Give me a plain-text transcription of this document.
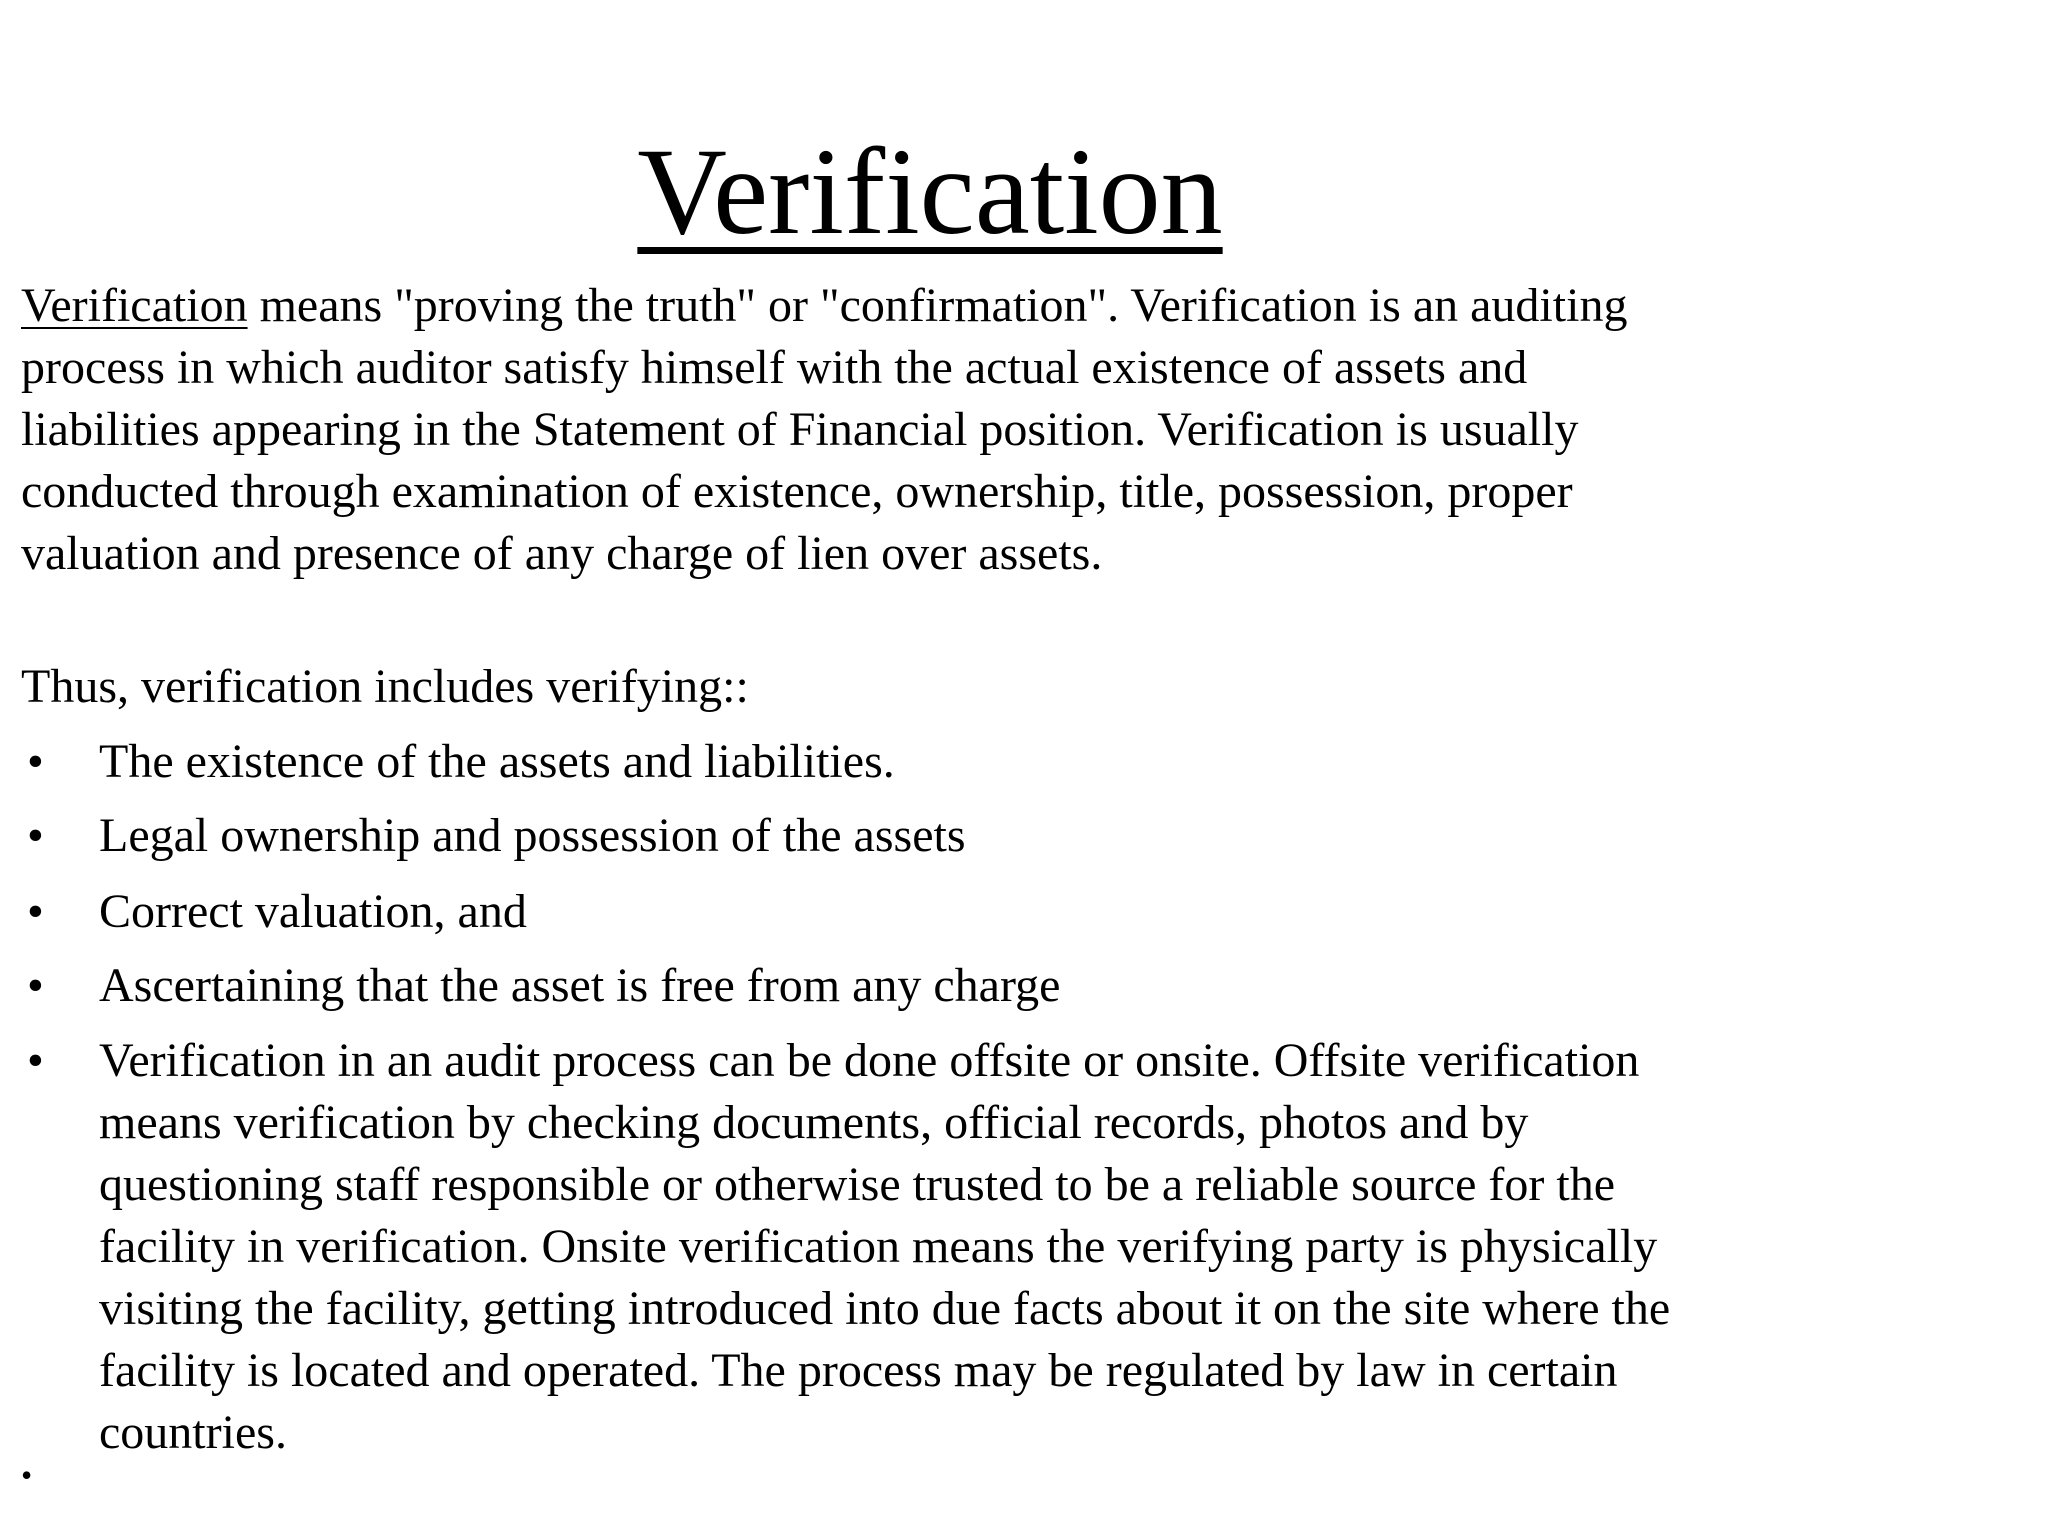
Verification
Verification means "proving the truth" or "confirmation". Verification is an auditing
process in which auditor satisfy himself with the actual existence of assets and
liabilities appearing in the Statement of Financial position. Verification is usually
conducted through examination of existence, ownership, title, possession, proper
valuation and presence of any charge of lien over assets.
Thus, verification includes verifying::
• The existence of the assets and liabilities.
• Legal ownership and possession of the assets
• Correct valuation, and
• Ascertaining that the asset is free from any charge
• Verification in an audit process can be done offsite or onsite. Offsite verification
means verification by checking documents, official records, photos and by
questioning staff responsible or otherwise trusted to be a reliable source for the
facility in verification. Onsite verification means the verifying party is physically
visiting the facility, getting introduced into due facts about it on the site where the
facility is located and operated. The process may be regulated by law in certain
countries.
•
